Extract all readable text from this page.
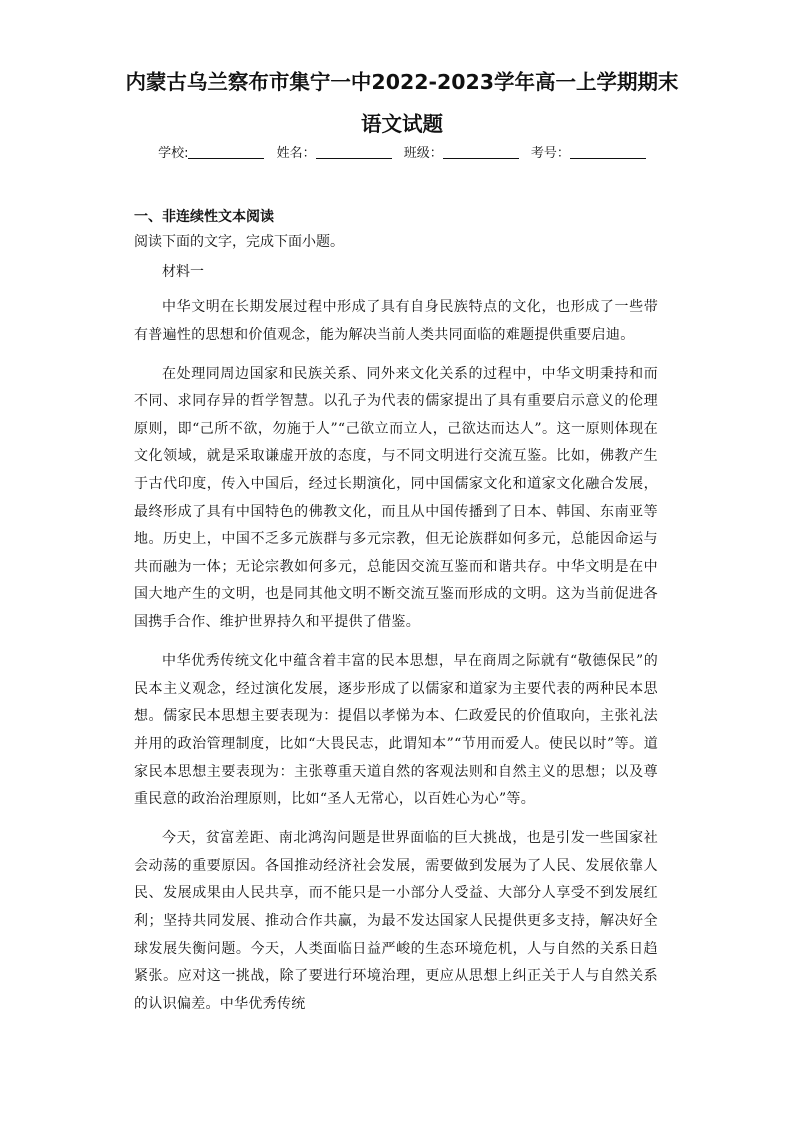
内蒙古乌兰察布市集宁一中2022-2023学年高一上学期期末
语文试题
学校:	姓名：	班级：	考号：
一、非连续性文本阅读
阅读下面的文字，完成下面小题。
材料一

中华文明在长期发展过程中形成了具有自身民族特点的文化，也形成了一些带有普遍性的思想和价值观念，能为解决当前人类共同面临的难题提供重要启迪。

在处理同周边国家和民族关系、同外来文化关系的过程中，中华文明秉持和而不同、求同存异的哲学智慧。以孔子为代表的儒家提出了具有重要启示意义的伦理原则，即“己所不欲，勿施于人”“己欲立而立人，己欲达而达人”。这一原则体现在文化领域，就是采取谦虚开放的态度，与不同文明进行交流互鉴。比如，佛教产生于古代印度，传入中国后，经过长期演化，同中国儒家文化和道家文化融合发展，最终形成了具有中国特色的佛教文化，而且从中国传播到了日本、韩国、东南亚等地。历史上，中国不乏多元族群与多元宗教，但无论族群如何多元，总能因命运与共而融为一体；无论宗教如何多元，总能因交流互鉴而和谐共存。中华文明是在中国大地产生的文明，也是同其他文明不断交流互鉴而形成的文明。这为当前促进各国携手合作、维护世界持久和平提供了借鉴。

中华优秀传统文化中蕴含着丰富的民本思想，早在商周之际就有“敬德保民”的民本主义观念，经过演化发展，逐步形成了以儒家和道家为主要代表的两种民本思想。儒家民本思想主要表现为：提倡以孝悌为本、仁政爱民的价值取向，主张礼法并用的政治管理制度，比如“大畏民志，此谓知本”“节用而爱人。使民以时”等。道家民本思想主要表现为：主张尊重天道自然的客观法则和自然主义的思想；以及尊重民意的政治治理原则，比如“圣人无常心，以百姓心为心”等。

今天，贫富差距、南北鸿沟问题是世界面临的巨大挑战，也是引发一些国家社会动荡的重要原因。各国推动经济社会发展，需要做到发展为了人民、发展依靠人民、发展成果由人民共享，而不能只是一小部分人受益、大部分人享受不到发展红利；坚持共同发展、推动合作共赢，为最不发达国家人民提供更多支持，解决好全球发展失衡问题。今天，人类面临日益严峻的生态环境危机，人与自然的关系日趋紧张。应对这一挑战，除了要进行环境治理，更应从思想上纠正关于人与自然关系的认识偏差。中华优秀传统
